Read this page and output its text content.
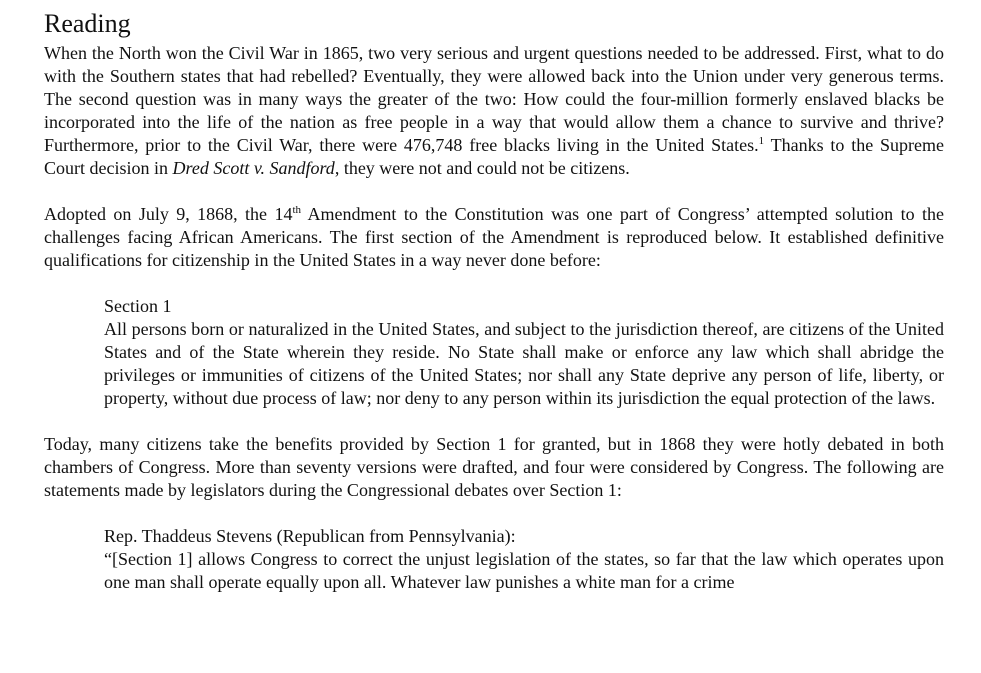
Reading

When the North won the Civil War in 1865, two very serious and urgent questions needed to be addressed. First, what to do with the Southern states that had rebelled? Eventually, they were allowed back into the Union under very generous terms. The second question was in many ways the greater of the two: How could the four-million formerly enslaved blacks be incorporated into the life of the nation as free people in a way that would allow them a chance to survive and thrive? Furthermore, prior to the Civil War, there were 476,748 free blacks living in the United States.$^1$ Thanks to the Supreme Court decision in Dred Scott v. Sandford, they were not and could not be citizens.

Adopted on July 9, 1868, the 14th Amendment to the Constitution was one part of Congress’ attempted solution to the challenges facing African Americans. The first section of the Amendment is reproduced below. It established definitive qualifications for citizenship in the United States in a way never done before:

Section 1

All persons born or naturalized in the United States, and subject to the jurisdiction thereof, are citizens of the United States and of the State wherein they reside. No State shall make or enforce any law which shall abridge the privileges or immunities of citizens of the United States; nor shall any State deprive any person of life, liberty, or property, without due process of law; nor deny to any person within its jurisdiction the equal protection of the laws.

Today, many citizens take the benefits provided by Section 1 for granted, but in 1868 they were hotly debated in both chambers of Congress. More than seventy versions were drafted, and four were considered by Congress. The following are statements made by legislators during the Congressional debates over Section 1:

Rep. Thaddeus Stevens (Republican from Pennsylvania):

“[Section 1] allows Congress to correct the unjust legislation of the states, so far that the law which operates upon one man shall operate equally upon all. Whatever law punishes a white man for a crime
